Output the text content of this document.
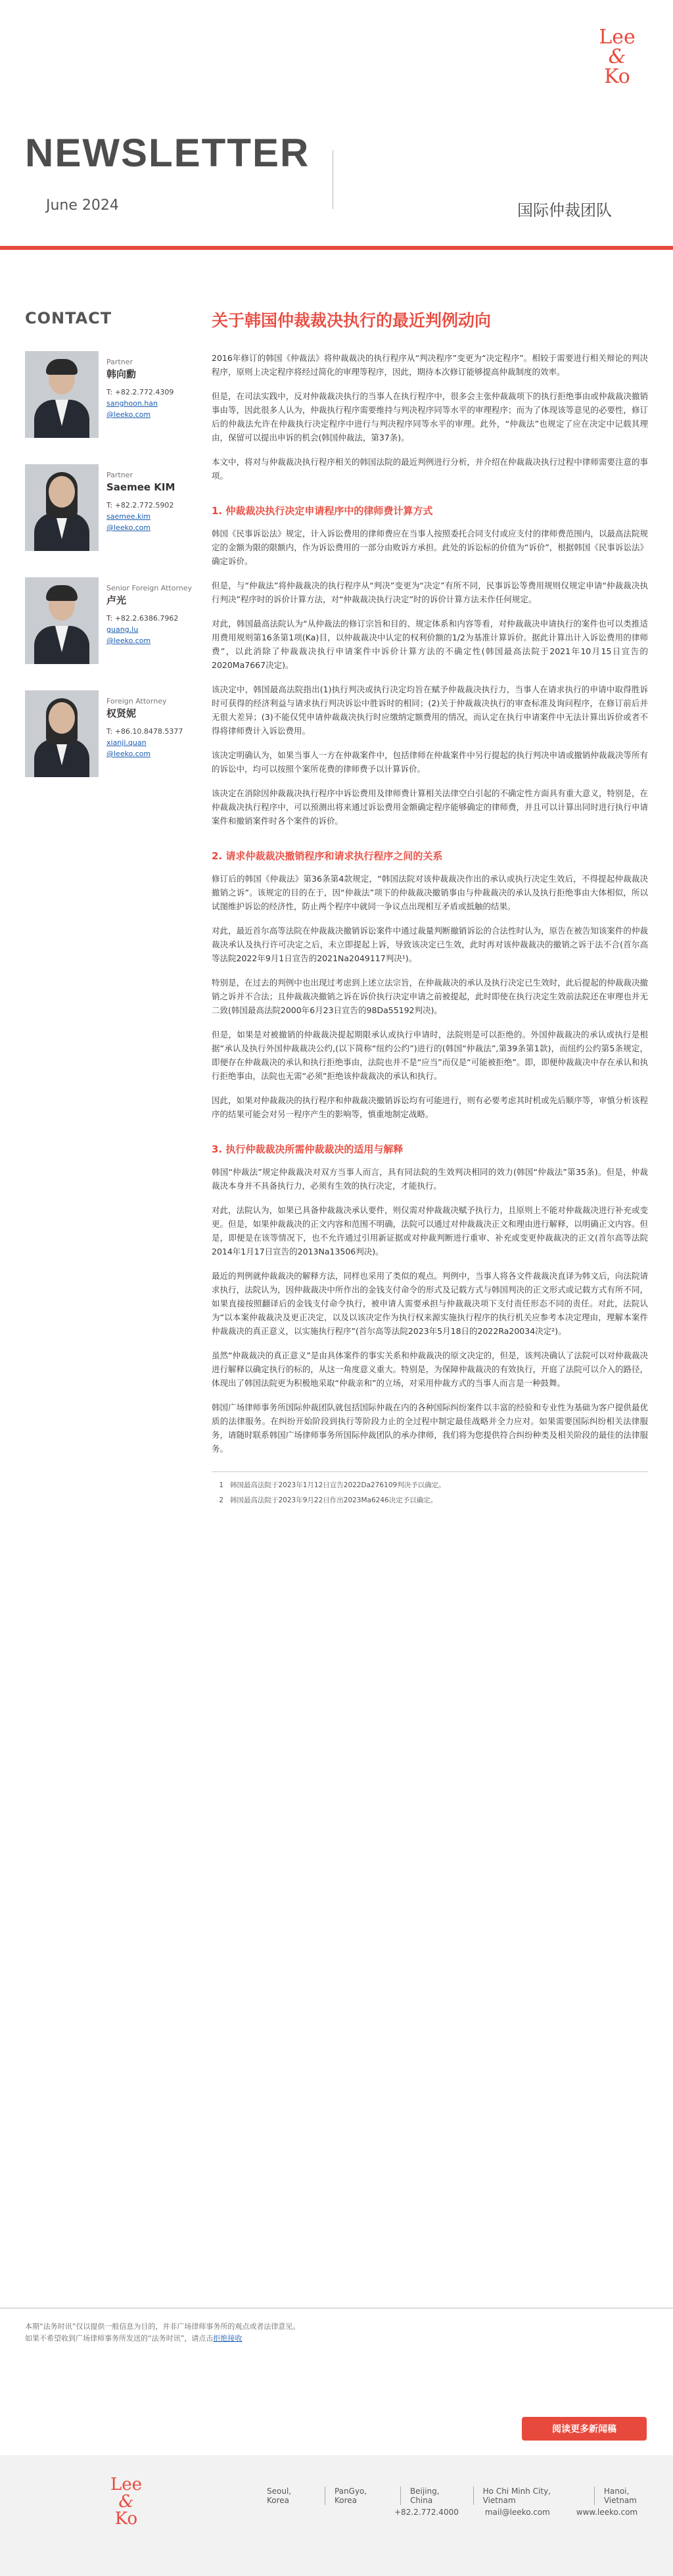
Lee
&
Ko
NEWSLETTER
June 2024	国际仲裁团队
CONTACT
Partner
韩向勳
T: +82.2.772.4309
sanghoon.han
@leeko.com
Partner
Saemee KIM
T: +82.2.772.5902
saemee.kim
@leeko.com
Senior Foreign Attorney
卢光
T: +82.2.6386.7962
guang.lu
@leeko.com
Foreign Attorney
权贤妮
T: +86.10.8478.5377
xianji.quan
@leeko.com
关于韩国仲裁裁决执行的最近判例动向

2016年修订的韩国《仲裁法》将仲裁裁决的执行程序从“判决程序”变更为“决定程序”。相较于需要进行相关辩论的判决程序，原则上决定程序将经过简化的审理等程序，因此，期待本次修订能够提高仲裁制度的效率。

但是，在司法实践中，反对仲裁裁决执行的当事人在执行程序中，很多会主张仲裁裁项下的执行拒绝事由或仲裁裁决撤销事由等，因此很多人认为，仲裁执行程序需要维持与判决程序同等水平的审理程序；而为了体现该等意见的必要性，修订后的仲裁法允许在仲裁执行决定程序中进行与判决程序同等水平的审理。此外，“仲裁法”也规定了应在决定中记载其理由，保留可以提出申诉的机会(韩国仲裁法，第37条)。

本文中，将对与仲裁裁决执行程序相关的韩国法院的最近判例进行分析，并介绍在仲裁裁决执行过程中律师需要注意的事项。

1. 仲裁裁决执行决定申请程序中的律师费计算方式

韩国《民事诉讼法》规定，计入诉讼费用的律师费应在当事人按照委托合同支付或应支付的律师费范围内，以最高法院规定的金额为限的限额内，作为诉讼费用的一部分由败诉方承担。此处的诉讼标的价值为“诉价”，根据韩国《民事诉讼法》确定诉价。

但是，与“仲裁法”将仲裁裁决的执行程序从“判决”变更为“决定”有所不同，民事诉讼等费用规则仅规定申请“仲裁裁决执行判决”程序时的诉价计算方法，对“仲裁裁决执行决定”时的诉价计算方法未作任何规定。

对此，韩国最高法院认为“从仲裁法的修订宗旨和目的、规定体系和内容等看，对仲裁裁决申请执行的案件也可以类推适用费用规则第16条第1项(Ka)目，以仲裁裁决中认定的权利价额的1/2为基准计算诉价。据此计算出计入诉讼费用的律师费”，以此消除了仲裁裁决执行申请案件中诉价计算方法的不确定性(韩国最高法院于2021年10月15日宣告的2020Ma7667决定)。

该决定中，韩国最高法院指出(1)执行判决或执行决定均旨在赋予仲裁裁决执行力，当事人在请求执行的申请中取得胜诉时可获得的经济利益与请求执行判决诉讼中胜诉时的相同；(2)关于仲裁裁决执行的审查标准及询问程序，在修订前后并无很大差异；(3)不能仅凭申请仲裁裁决执行时应缴纳定额费用的情况，而认定在执行申请案件中无法计算出诉价或者不得将律师费计入诉讼费用。

该决定明确认为，如果当事人一方在仲裁案件中，包括律师在仲裁案件中另行提起的执行判决申请或撤销仲裁裁决等所有的诉讼中，均可以按照个案所花费的律师费予以计算诉价。

该决定在消除因仲裁裁决执行程序中诉讼费用及律师费计算相关法律空白引起的不确定性方面具有重大意义，特别是，在仲裁裁决执行程序中，可以预测出将来通过诉讼费用金额确定程序能够确定的律师费，并且可以计算出同时进行执行申请案件和撤销案件时各个案件的诉价。

2. 请求仲裁裁决撤销程序和请求执行程序之间的关系

修订后的韩国《仲裁法》第36条第4款规定，“韩国法院对该仲裁裁决作出的承认或执行决定生效后，不得提起仲裁裁决撤销之诉”。该规定的目的在于，因“仲裁法”项下的仲裁裁决撤销事由与仲裁裁决的承认及执行拒绝事由大体相似，所以试图维护诉讼的经济性，防止两个程序中就同一争议点出现相互矛盾或抵触的结果。

对此，最近首尔高等法院在仲裁裁决撤销诉讼案件中通过裁量判断撤销诉讼的合法性时认为，原告在被告知该案件的仲裁裁决承认及执行许可决定之后，未立即提起上诉，导致该决定已生效，此时再对该仲裁裁决的撤销之诉于法不合(首尔高等法院2022年9月1日宣告的2021Na2049117判决¹)。

特别是，在过去的判例中也出现过考虑到上述立法宗旨，在仲裁裁决的承认及执行决定已生效时，此后提起的仲裁裁决撤销之诉并不合法；且仲裁裁决撤销之诉在诉价执行决定申请之前被提起，此时即使在执行决定生效前法院还在审理也并无二致(韩国最高法院2000年6月23日宣告的98Da55192判决)。

但是，如果是对被撤销的仲裁裁决提起期限承认或执行申请时，法院则是可以拒绝的。外国仲裁裁决的承认或执行是根据“承认及执行外国仲裁裁决公约,(以下简称“纽约公约”)进行的(韩国“仲裁法”,第39条第1款)，而纽约公约第5条规定，即便存在仲裁裁决的承认和执行拒绝事由，法院也并不是“应当”而仅是“可能被拒绝”。即，即便仲裁裁决中存在承认和执行拒绝事由，法院也无需“必须”拒绝该仲裁裁决的承认和执行。

因此，如果对仲裁裁决的执行程序和仲裁裁决撤销诉讼均有可能进行，则有必要考虑其时机或先后顺序等，审慎分析该程序的结果可能会对另一程序产生的影响等，慎重地制定战略。

3. 执行仲裁裁决所需仲裁裁决的适用与解释

韩国“仲裁法”规定仲裁裁决对双方当事人而言，具有同法院的生效判决相同的效力(韩国“仲裁法”第35条)。但是，仲裁裁决本身并不具备执行力，必须有生效的执行决定，才能执行。

对此，法院认为，如果已具备仲裁裁决承认要件，则仅需对仲裁裁决赋予执行力，且原则上不能对仲裁裁决进行补充或变更。但是，如果仲裁裁决的正文内容和范围不明确，法院可以通过对仲裁裁决正文和理由进行解释，以明确正文内容。但是，即便是在该等情况下，也不允许通过引用新证据或对仲裁判断进行重审、补充或变更仲裁裁决的正文(首尔高等法院2014年1月17日宣告的2013Na13506判决)。

最近的判例就仲裁裁决的解释方法，同样也采用了类似的观点。判例中，当事人将各文件裁裁决直译为韩文后，向法院请求执行，法院认为，因仲裁裁决中所作出的金钱支付命令的形式及记载方式与韩国判决的正文形式或记载方式有所不同，如果直接按照翻译后的金钱支付命令执行，被申请人需要承担与仲裁裁决项下支付责任形态不同的责任。对此，法院认为“以本案仲裁裁决及更正决定，以及以该决定作为执行权来源实施执行程序的执行机关应参考本决定理由，理解本案件仲裁裁决的真正意义，以实施执行程序”(首尔高等法院2023年5月18日的2022Ra20034决定²)。

虽然“仲裁裁决的真正意义”是由具体案件的事实关系和仲裁裁决的原文决定的，但是，该判决确认了法院可以对仲裁裁决进行解释以确定执行的标的，从这一角度意义重大。特别是，为保障仲裁裁决的有效执行，开庭了法院可以介入的路径，体现出了韩国法院更为积极地采取“仲裁亲和”的立场，对采用仲裁方式的当事人而言是一种鼓舞。

韩国广场律师事务所国际仲裁团队就包括国际仲裁在内的各种国际纠纷案件以丰富的经验和专业性为基础为客户提供最优质的法律服务。在纠纷开始阶段到执行等阶段力止的全过程中制定最佳战略并全力应对。如果需要国际纠纷相关法律服务，请随时联系韩国广场律师事务所国际仲裁团队的承办律师，我们将为您提供符合纠纷种类及相关阶段的最佳的法律服务。

1 韩国最高法院于2023年1月12日宣告2022Da276109判决予以确定。
2 韩国最高法院于2023年9月22日作出2023Ma6246决定予以确定。
本期“法务时讯”仅以提供一般信息为目的，并非广场律师事务所的观点或者法律意见。
如果不希望收到广场律师事务所发送的“法务时讯”，请点击拒绝接收
阅读更多新闻稿
Lee
&
Ko
Seoul, Korea
PanGyo, Korea
Beijing, China
Ho Chi Minh City, Vietnam
Hanoi, Vietnam
+82.2.772.4000	mail@leeko.com	www.leeko.com
